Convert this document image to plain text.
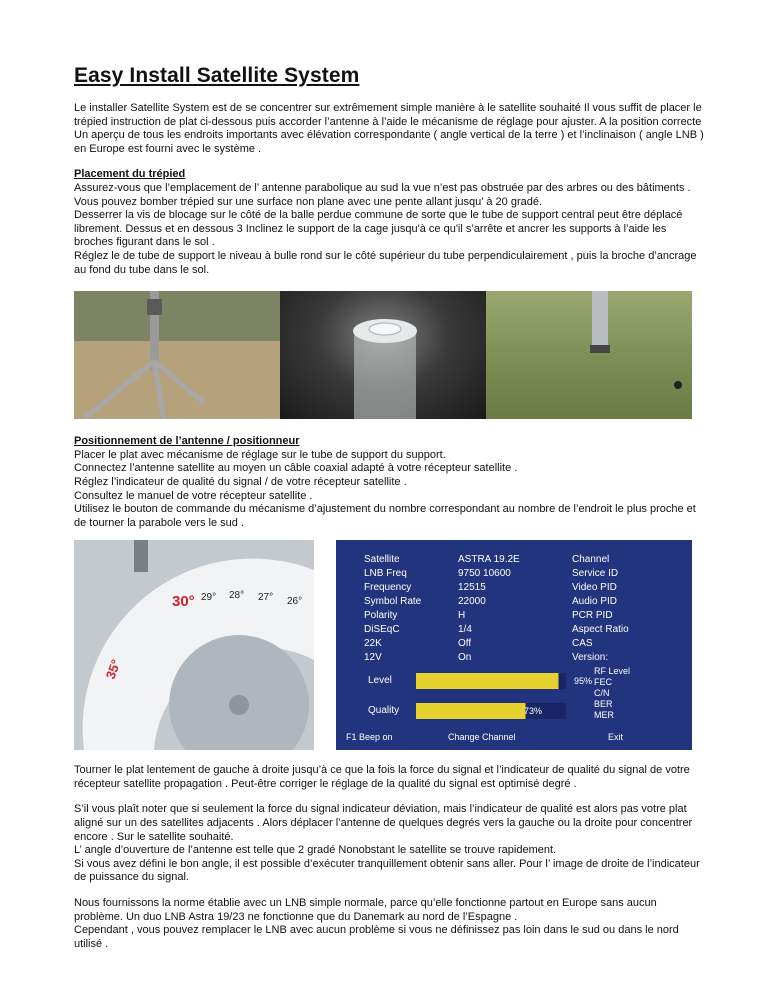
Easy Install Satellite System

Le installer Satellite System est de se concentrer sur extrêmement simple manière à le satellite souhaité Il vous suffit de placer le trépied instruction de plat ci-dessous puis accorder l’antenne à l’aide le mécanisme de réglage pour ajuster. A la position correcte Un aperçu de tous les endroits importants avec élévation correspondante ( angle vertical de la terre ) et l’inclinaison ( angle LNB ) en Europe est fourni avec le système .

Placement du trépied

Assurez-vous que l’emplacement de l’ antenne parabolique au sud la vue n’est pas obstruée par des arbres ou des bâtiments .

Vous pouvez bomber trépied sur une surface non plane avec une pente allant jusqu’ à 20 gradé.

Desserrer la vis de blocage sur le côté de la balle perdue commune de sorte que le tube de support central peut être déplacé librement. Dessus et en dessous 3 Inclinez le support de la cage jusqu'à ce qu'il s’arrête et ancrer les supports à l’aide les broches figurant dans le sol .

Réglez le de tube de support le niveau à bulle rond sur le côté supérieur du tube perpendiculairement , puis la broche d’ancrage au fond du tube dans le sol.

Positionnement de l’antenne / positionneur

Placer le plat avec mécanisme de réglage sur le tube de support du support.

Connectez l’antenne satellite au moyen un câble coaxial adapté à votre récepteur satellite .

Réglez l’indicateur de qualité du signal / de votre récepteur satellite .

Consultez le manuel de votre récepteur satellite .

Utilisez le bouton de commande du mécanisme d’ajustement du nombre correspondant au nombre de l’endroit le plus proche et de tourner la parabole vers le sud .

30° 29° 28° 27° 26°
35°
Satellite	ASTRA 19.2E	Channel
LNB Freq	9750 10600	Service ID
Frequency	12515	Video PID
Symbol Rate	22000	Audio PID
Polarity	H	PCR PID
DiSEqC	1/4	Aspect Ratio
22K	Off	CAS
12V	On	Version:
Level	95%
Quality	73%
RF Level
FEC
C/N
BER
MER
F1 Beep on	Change Channel	Exit

Tourner le plat lentement de gauche à droite jusqu’à ce que la fois la force du signal et l’indicateur de qualité du signal de votre récepteur satellite propagation . Peut-être corriger le réglage de la qualité du signal est optimisé degré .

S’il vous plaît noter que si seulement la force du signal indicateur déviation, mais l’indicateur de qualité est alors pas votre plat aligné sur un des satellites adjacents . Alors déplacer l’antenne de quelques degrés vers la gauche ou la droite pour concentrer encore . Sur le satellite souhaité.

L’ angle d’ouverture de l’antenne est telle que 2 gradé Nonobstant le satellite se trouve rapidement.

Si vous avez défini le bon angle, il est possible d’exécuter tranquillement obtenir sans aller. Pour l’ image de droite de l’indicateur de puissance du signal.

Nous fournissons la norme établie avec un LNB simple normale, parce qu’elle fonctionne partout en Europe sans aucun problème. Un duo LNB Astra 19/23 ne fonctionne que du Danemark au nord de l’Espagne .

Cependant , vous pouvez remplacer le LNB avec aucun problème si vous ne définissez pas loin dans le sud ou dans le nord utilisé .
